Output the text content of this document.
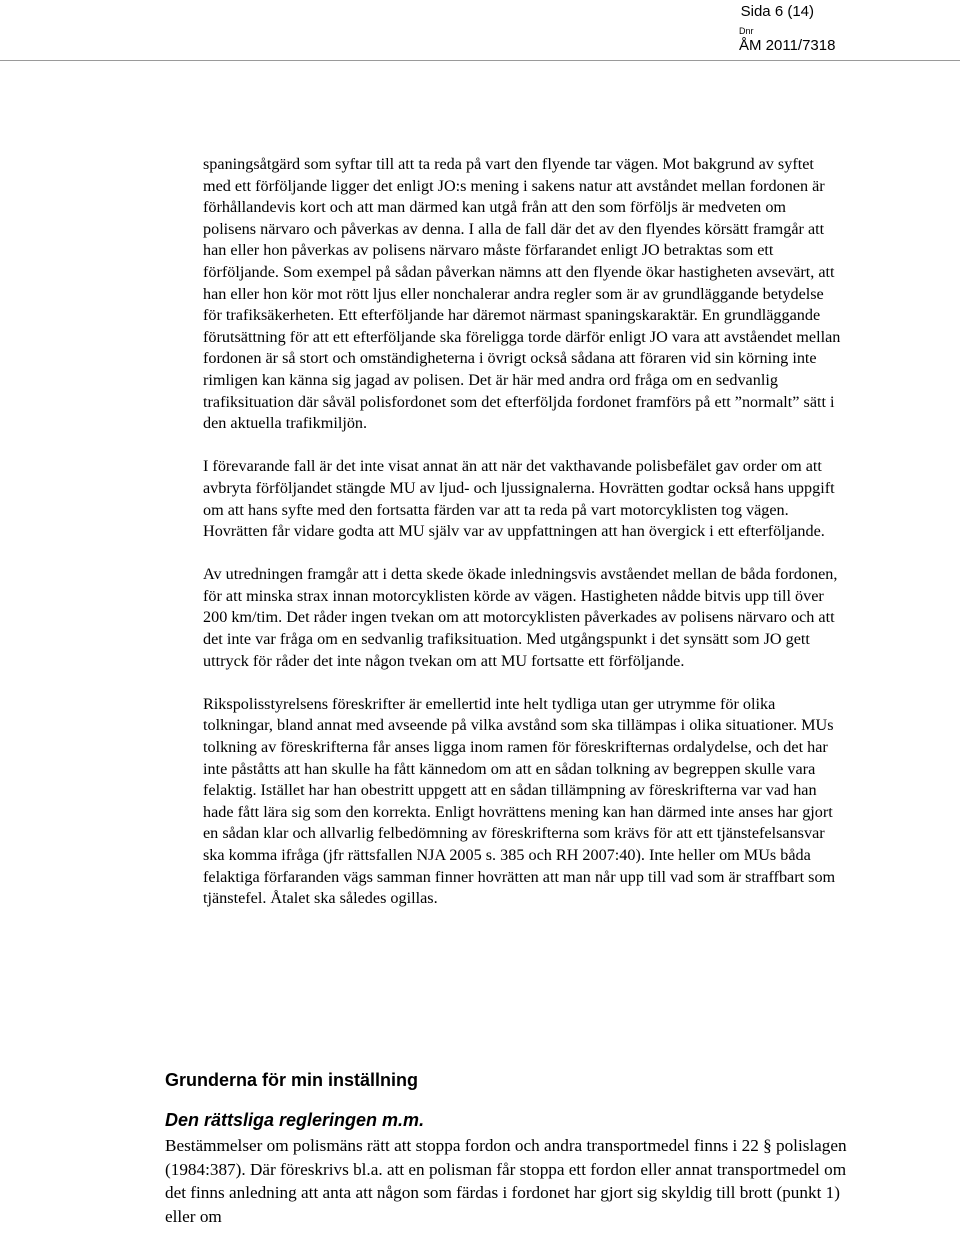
Sida 6 (14)
Dnr
ÅM 2011/7318

spaningsåtgärd som syftar till att ta reda på vart den flyende tar vägen. Mot bakgrund av syftet med ett förföljande ligger det enligt JO:s mening i sakens natur att avståndet mellan fordonen är förhållandevis kort och att man därmed kan utgå från att den som förföljs är medveten om polisens närvaro och påverkas av denna. I alla de fall där det av den flyendes körsätt framgår att han eller hon påverkas av polisens närvaro måste förfarandet enligt JO betraktas som ett förföljande. Som exempel på sådan påverkan nämns att den flyende ökar hastigheten avsevärt, att han eller hon kör mot rött ljus eller nonchalerar andra regler som är av grundläggande betydelse för trafiksäkerheten. Ett efterföljande har däremot närmast spaningskaraktär. En grundläggande förutsättning för att ett efterföljande ska föreligga torde därför enligt JO vara att avståendet mellan fordonen är så stort och omständigheterna i övrigt också sådana att föraren vid sin körning inte rimligen kan känna sig jagad av polisen. Det är här med andra ord fråga om en sedvanlig trafiksituation där såväl polisfordonet som det efterföljda fordonet framförs på ett ”normalt” sätt i den aktuella trafikmiljön.

I förevarande fall är det inte visat annat än att när det vakthavande polisbefälet gav order om att avbryta förföljandet stängde MU av ljud- och ljussignalerna. Hovrätten godtar också hans uppgift om att hans syfte med den fortsatta färden var att ta reda på vart motorcyklisten tog vägen. Hovrätten får vidare godta att MU själv var av uppfattningen att han övergick i ett efterföljande.

Av utredningen framgår att i detta skede ökade inledningsvis avståendet mellan de båda fordonen, för att minska strax innan motorcyklisten körde av vägen. Hastigheten nådde bitvis upp till över 200 km/tim. Det råder ingen tvekan om att motorcyklisten påverkades av polisens närvaro och att det inte var fråga om en sedvanlig trafiksituation. Med utgångspunkt i det synsätt som JO gett uttryck för råder det inte någon tvekan om att MU fortsatte ett förföljande.

Rikspolisstyrelsens föreskrifter är emellertid inte helt tydliga utan ger utrymme för olika tolkningar, bland annat med avseende på vilka avstånd som ska tillämpas i olika situationer. MUs tolkning av föreskrifterna får anses ligga inom ramen för föreskrifternas ordalydelse, och det har inte påståtts att han skulle ha fått kännedom om att en sådan tolkning av begreppen skulle vara felaktig. Istället har han obestritt uppgett att en sådan tillämpning av föreskrifterna var vad han hade fått lära sig som den korrekta. Enligt hovrättens mening kan han därmed inte anses har gjort en sådan klar och allvarlig felbedömning av föreskrifterna som krävs för att ett tjänstefelsansvar ska komma ifråga (jfr rättsfallen NJA 2005 s. 385 och RH 2007:40). Inte heller om MUs båda felaktiga förfaranden vägs samman finner hovrätten att man når upp till vad som är straffbart som tjänstefel. Åtalet ska således ogillas.

Grunderna för min inställning
Den rättsliga regleringen m.m.

Bestämmelser om polismäns rätt att stoppa fordon och andra transportmedel finns i 22 § polislagen (1984:387). Där föreskrivs bl.a. att en polisman får stoppa ett fordon eller annat transportmedel om det finns anledning att anta att någon som färdas i fordonet har gjort sig skyldig till brott (punkt 1) eller om
